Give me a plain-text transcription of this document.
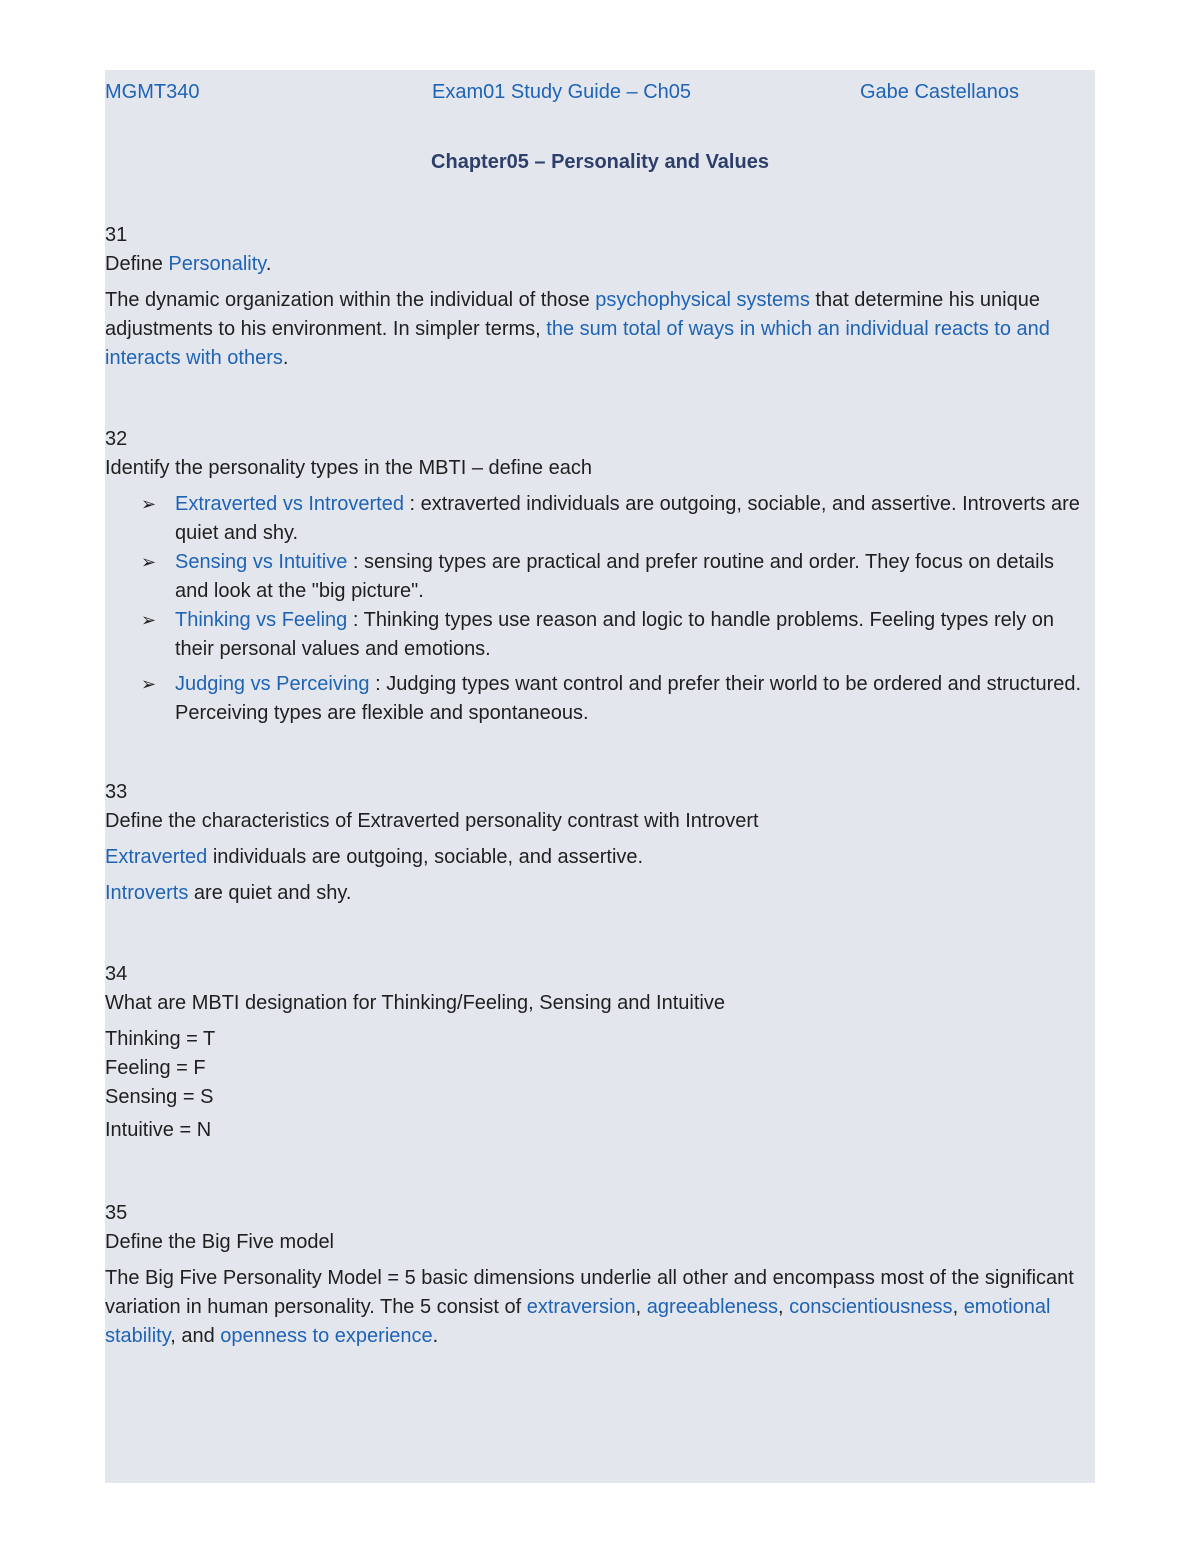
MGMT340	Exam01 Study Guide – Ch05	Gabe Castellanos
Chapter05 – Personality and Values

31

Define Personality.

The dynamic organization within the individual of those psychophysical systems that determine his unique adjustments to his environment. In simpler terms, the sum total of ways in which an individual reacts to and interacts with others.

32

Identify the personality types in the MBTI – define each

➢ Extraverted vs Introverted : extraverted individuals are outgoing, sociable, and assertive. Introverts are quiet and shy.
➢ Sensing vs Intuitive : sensing types are practical and prefer routine and order. They focus on details and look at the "big picture".
➢ Thinking vs Feeling : Thinking types use reason and logic to handle problems. Feeling types rely on their personal values and emotions.
➢ Judging vs Perceiving : Judging types want control and prefer their world to be ordered and structured. Perceiving types are flexible and spontaneous.

33

Define the characteristics of Extraverted personality contrast with Introvert

Extraverted individuals are outgoing, sociable, and assertive.

Introverts are quiet and shy.

34

What are MBTI designation for Thinking/Feeling, Sensing and Intuitive

Thinking = T

Feeling = F

Sensing = S

Intuitive = N

35

Define the Big Five model

The Big Five Personality Model = 5 basic dimensions underlie all other and encompass most of the significant variation in human personality. The 5 consist of extraversion, agreeableness, conscientiousness, emotional stability, and openness to experience.
